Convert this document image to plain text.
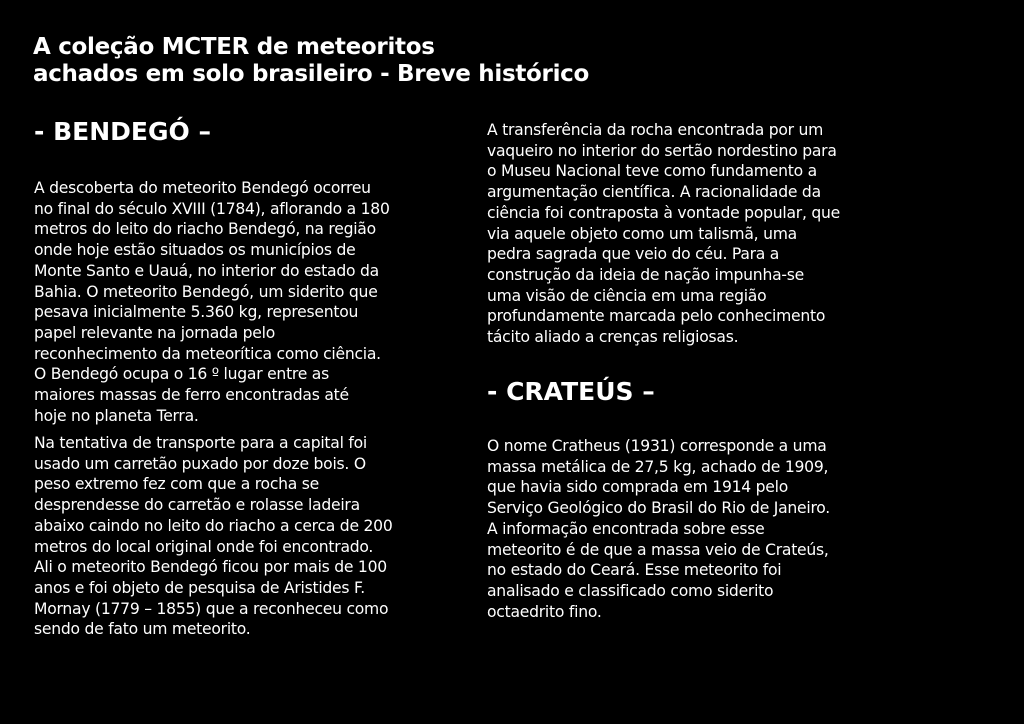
A coleção MCTER de meteoritos
achados em solo brasileiro - Breve histórico
- BENDEGÓ –

A descoberta do meteorito Bendegó ocorreu
no final do século XVIII (1784), aflorando a 180
metros do leito do riacho Bendegó, na região
onde hoje estão situados os municípios de
Monte Santo e Uauá, no interior do estado da
Bahia. O meteorito Bendegó, um siderito que
pesava inicialmente 5.360 kg, representou
papel relevante na jornada pelo
reconhecimento da meteorítica como ciência.
O Bendegó ocupa o 16 º lugar entre as
maiores massas de ferro encontradas até
hoje no planeta Terra.

Na tentativa de transporte para a capital foi
usado um carretão puxado por doze bois. O
peso extremo fez com que a rocha se
desprendesse do carretão e rolasse ladeira
abaixo caindo no leito do riacho a cerca de 200
metros do local original onde foi encontrado.
Ali o meteorito Bendegó ficou por mais de 100
anos e foi objeto de pesquisa de Aristides F.
Mornay (1779 – 1855) que a reconheceu como
sendo de fato um meteorito.

A transferência da rocha encontrada por um
vaqueiro no interior do sertão nordestino para
o Museu Nacional teve como fundamento a
argumentação científica. A racionalidade da
ciência foi contraposta à vontade popular, que
via aquele objeto como um talismã, uma
pedra sagrada que veio do céu. Para a
construção da ideia de nação impunha-se
uma visão de ciência em uma região
profundamente marcada pelo conhecimento
tácito aliado a crenças religiosas.

- CRATEÚS –

O nome Cratheus (1931) corresponde a uma
massa metálica de 27,5 kg, achado de 1909,
que havia sido comprada em 1914 pelo
Serviço Geológico do Brasil do Rio de Janeiro.
A informação encontrada sobre esse
meteorito é de que a massa veio de Crateús,
no estado do Ceará. Esse meteorito foi
analisado e classificado como siderito
octaedrito fino.
